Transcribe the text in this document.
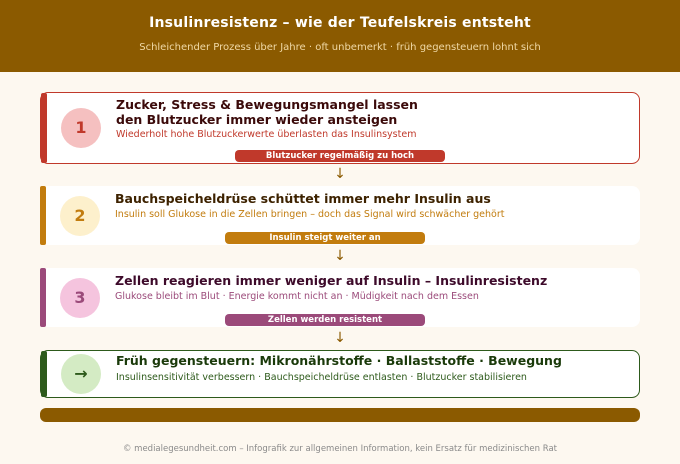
Insulinresistenz – wie der Teufelskreis entsteht
Schleichender Prozess über Jahre · oft unbemerkt · früh gegensteuern lohnt sich
1
Zucker, Stress & Bewegungsmangel lassen
den Blutzucker immer wieder ansteigen
Wiederholt hohe Blutzuckerwerte überlasten das Insulinsystem
Blutzucker regelmäßig zu hoch
↓
2
Bauchspeicheldrüse schüttet immer mehr Insulin aus
Insulin soll Glukose in die Zellen bringen – doch das Signal wird schwächer gehört
Insulin steigt weiter an
↓
3
Zellen reagieren immer weniger auf Insulin – Insulinresistenz
Glukose bleibt im Blut · Energie kommt nicht an · Müdigkeit nach dem Essen
Zellen werden resistent
↓
→
Früh gegensteuern: Mikronährstoffe · Ballaststoffe · Bewegung
Insulinsensitivität verbessern · Bauchspeicheldrüse entlasten · Blutzucker stabilisieren
© medialegesundheit.com – Infografik zur allgemeinen Information, kein Ersatz für medizinischen Rat
